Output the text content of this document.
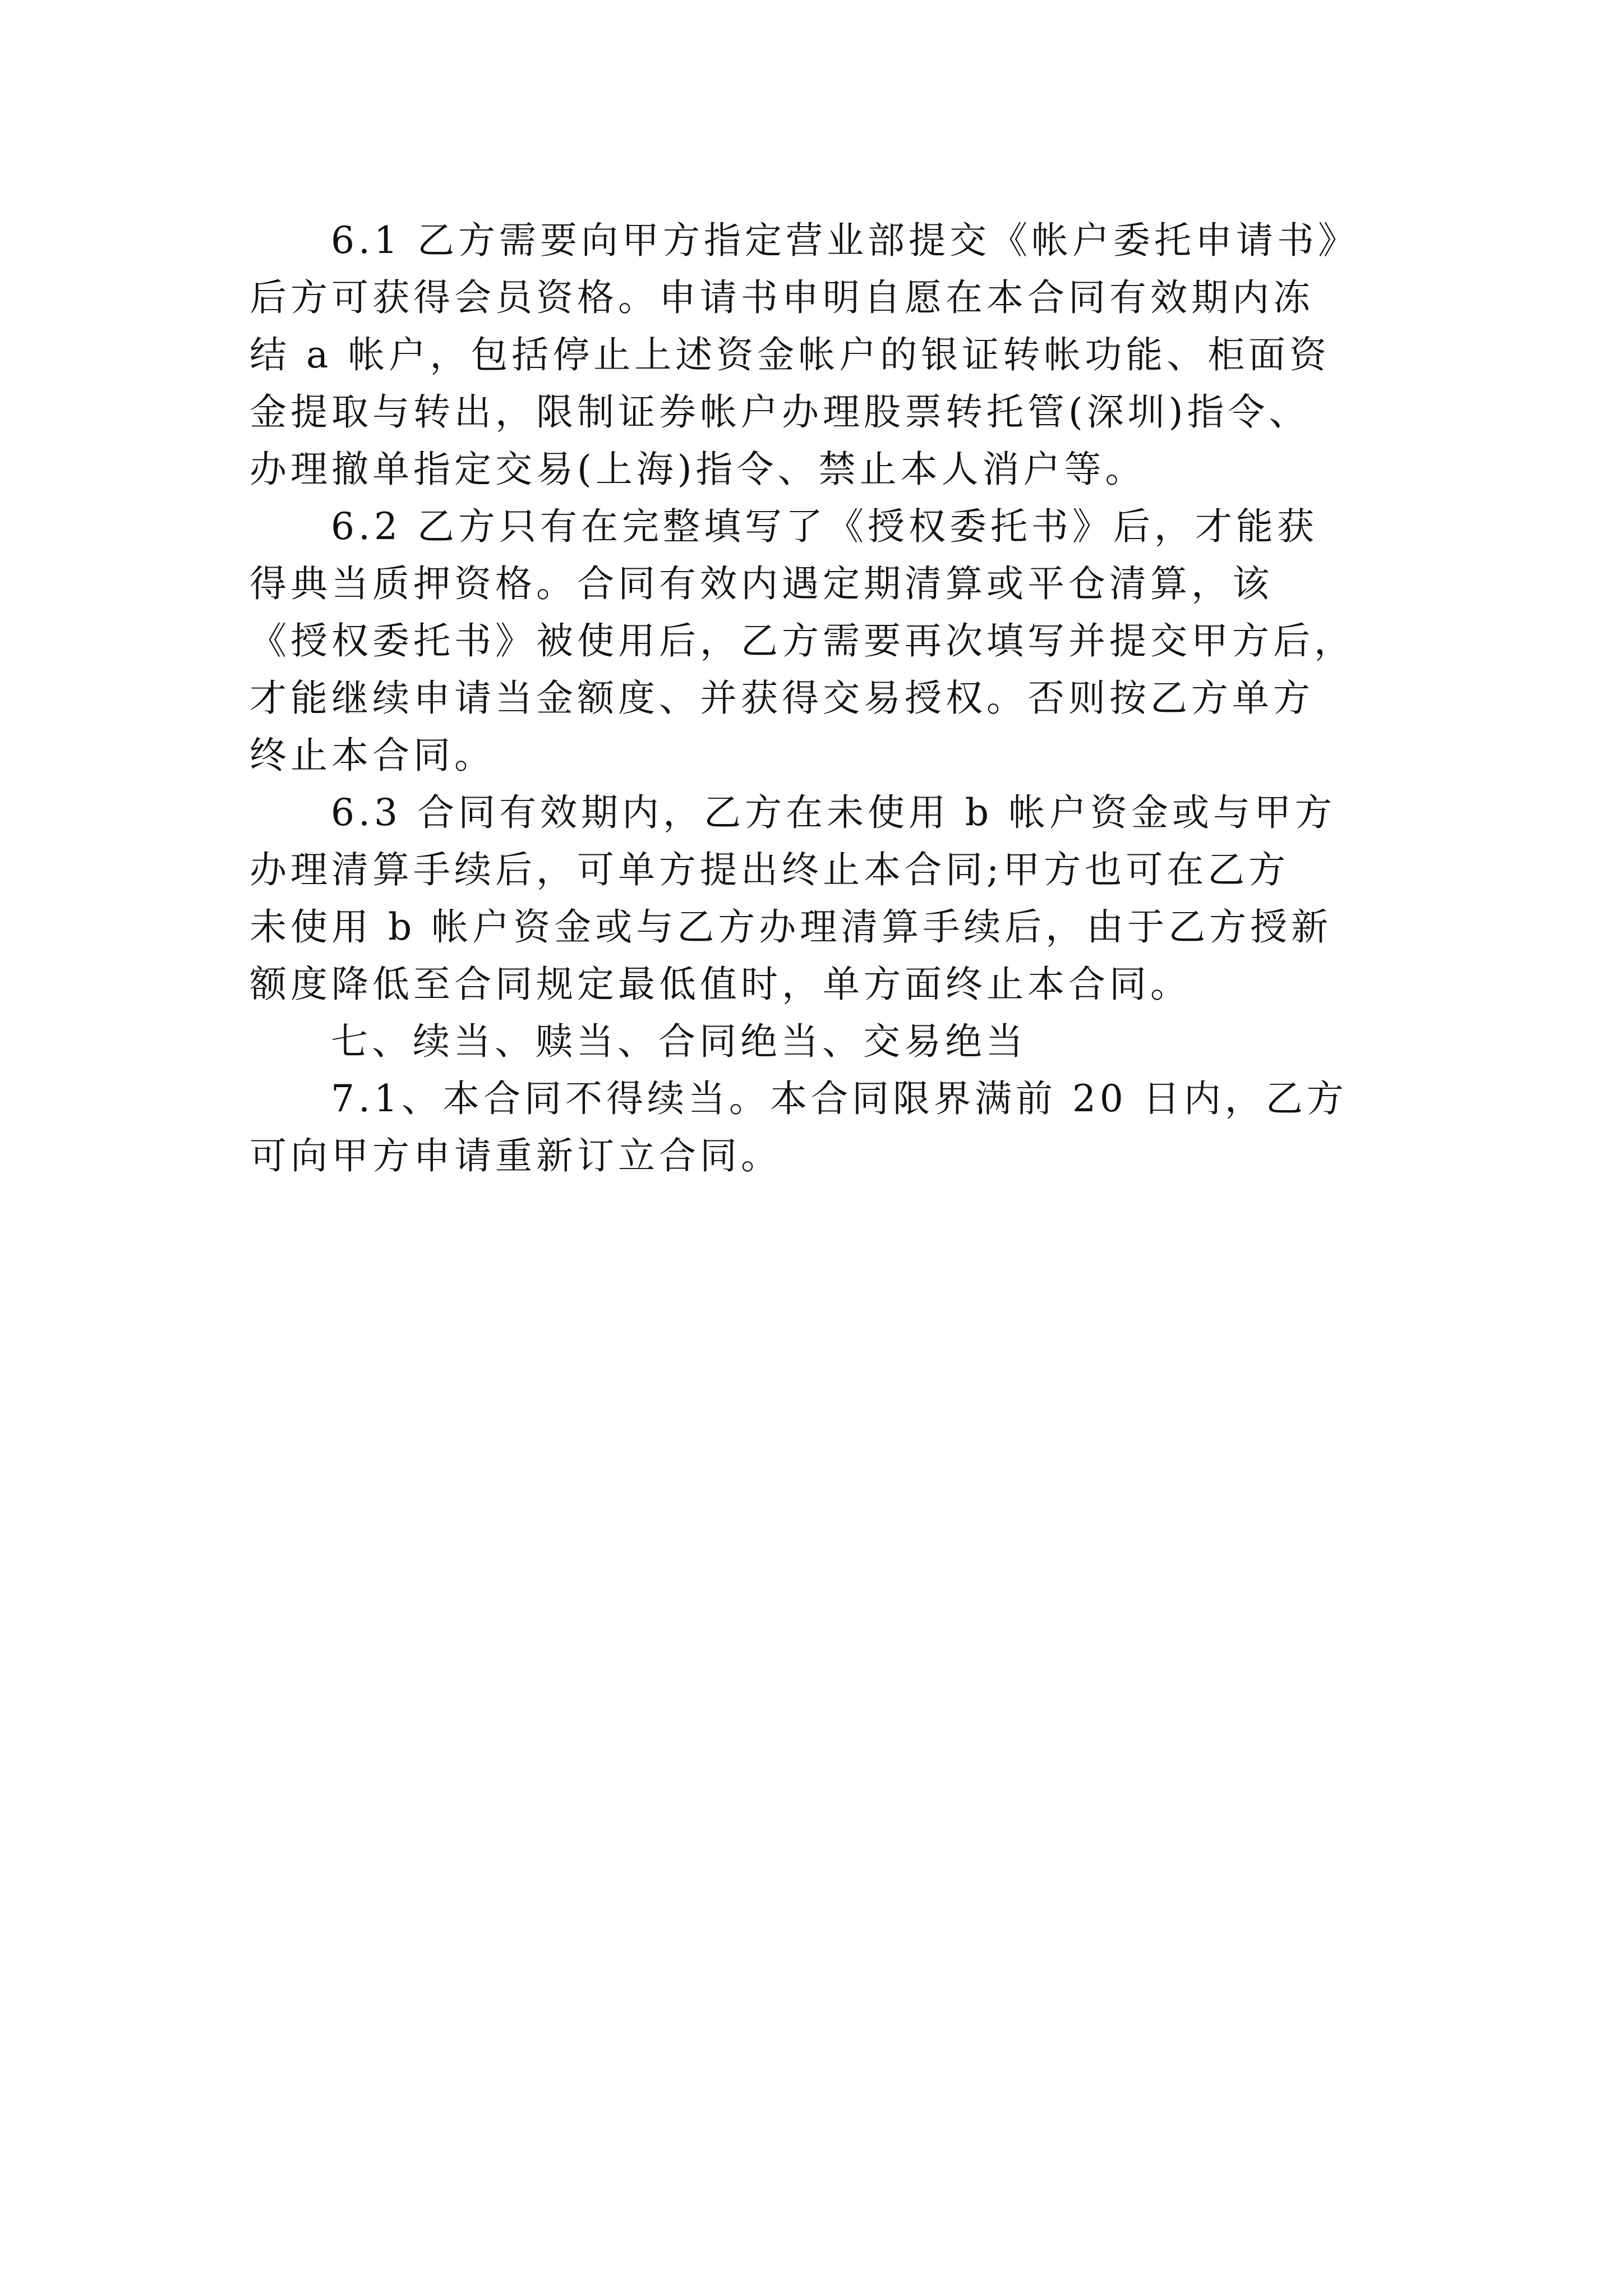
6.1 乙方需要向甲方指定营业部提交《帐户委托申请书》
后方可获得会员资格。申请书申明自愿在本合同有效期内冻
结 a 帐户，包括停止上述资金帐户的银证转帐功能、柜面资
金提取与转出，限制证券帐户办理股票转托管(深圳)指令、
办理撤单指定交易(上海)指令、禁止本人消户等。
6.2 乙方只有在完整填写了《授权委托书》后，才能获
得典当质押资格。合同有效内遇定期清算或平仓清算，该
《授权委托书》被使用后，乙方需要再次填写并提交甲方后，
才能继续申请当金额度、并获得交易授权。否则按乙方单方
终止本合同。
6.3 合同有效期内，乙方在未使用 b 帐户资金或与甲方
办理清算手续后，可单方提出终止本合同;甲方也可在乙方
未使用 b 帐户资金或与乙方办理清算手续后，由于乙方授新
额度降低至合同规定最低值时，单方面终止本合同。
七、续当、赎当、合同绝当、交易绝当
7.1、本合同不得续当。本合同限界满前 20 日内，乙方
可向甲方申请重新订立合同。
